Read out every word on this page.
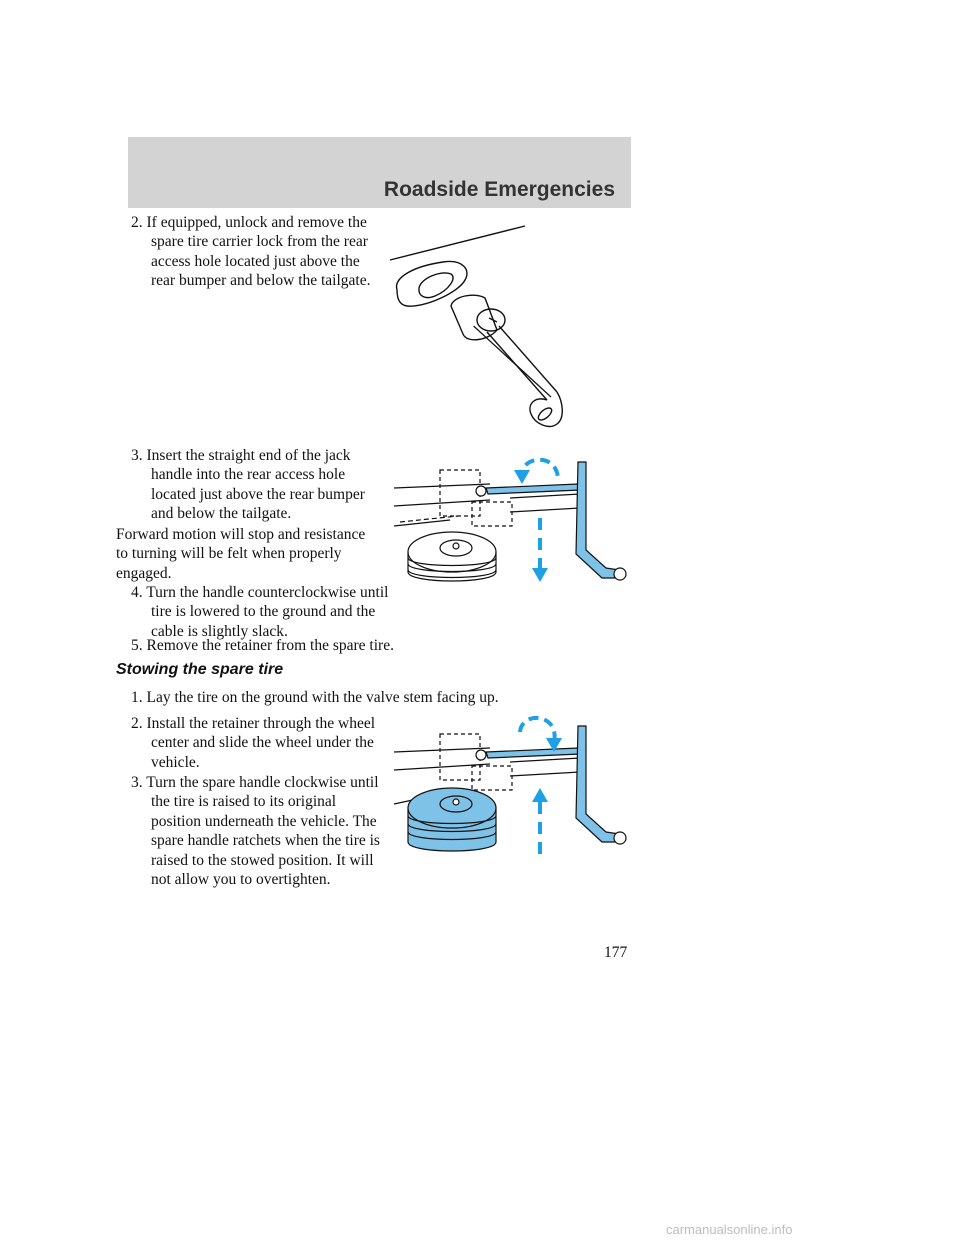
Roadside Emergencies
2. If equipped, unlock and remove the spare tire carrier lock from the rear access hole located just above the rear bumper and below the tailgate.
3. Insert the straight end of the jack handle into the rear access hole located just above the rear bumper and below the tailgate.
Forward motion will stop and resistance to turning will be felt when properly engaged.
4. Turn the handle counterclockwise until tire is lowered to the ground and the cable is slightly slack.
5. Remove the retainer from the spare tire.
Stowing the spare tire
1. Lay the tire on the ground with the valve stem facing up.
2. Install the retainer through the wheel center and slide the wheel under the vehicle.
3. Turn the spare handle clockwise until the tire is raised to its original position underneath the vehicle. The spare handle ratchets when the tire is raised to the stowed position. It will not allow you to overtighten.
177
carmanualsonline.info
